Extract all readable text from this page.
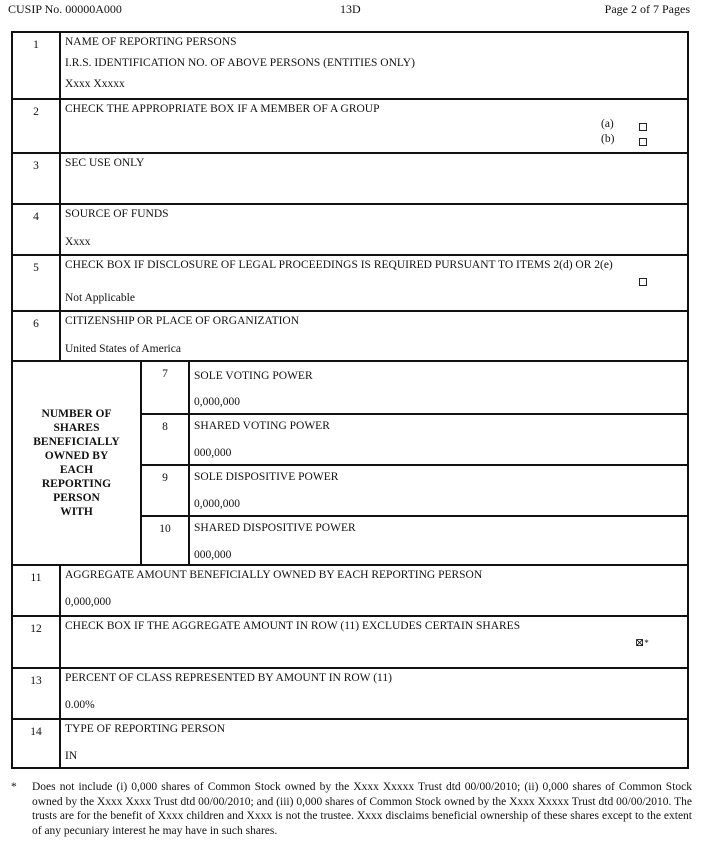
CUSIP No. 00000A000	13D	Page 2 of 7 Pages
1	NAME OF REPORTING PERSONS
I.R.S. IDENTIFICATION NO. OF ABOVE PERSONS (ENTITIES ONLY)
Xxxx Xxxxx
2	CHECK THE APPROPRIATE BOX IF A MEMBER OF A GROUP
(a)
(b)
3	SEC USE ONLY
4	SOURCE OF FUNDS
Xxxx
5	CHECK BOX IF DISCLOSURE OF LEGAL PROCEEDINGS IS REQUIRED PURSUANT TO ITEMS 2(d) OR 2(e)
Not Applicable
6	CITIZENSHIP OR PLACE OF ORGANIZATION
United States of America
NUMBER OF
SHARES
BENEFICIALLY
OWNED BY
EACH
REPORTING
PERSON
WITH
7	SOLE VOTING POWER
0,000,000
8	SHARED VOTING POWER
000,000
9	SOLE DISPOSITIVE POWER
0,000,000
10	SHARED DISPOSITIVE POWER
000,000
11	AGGREGATE AMOUNT BENEFICIALLY OWNED BY EACH REPORTING PERSON
0,000,000
12	CHECK BOX IF THE AGGREGATE AMOUNT IN ROW (11) EXCLUDES CERTAIN SHARES
⊠*
13	PERCENT OF CLASS REPRESENTED BY AMOUNT IN ROW (11)
0.00%
14	TYPE OF REPORTING PERSON
IN
* Does not include (i) 0,000 shares of Common Stock owned by the Xxxx Xxxxx Trust dtd 00/00/2010; (ii) 0,000 shares of Common Stock owned by the Xxxx Xxxx Trust dtd 00/00/2010; and (iii) 0,000 shares of Common Stock owned by the Xxxx Xxxxx Trust dtd 00/00/2010. The trusts are for the benefit of Xxxx children and Xxxx is not the trustee. Xxxx disclaims beneficial ownership of these shares except to the extent of any pecuniary interest he may have in such shares.
